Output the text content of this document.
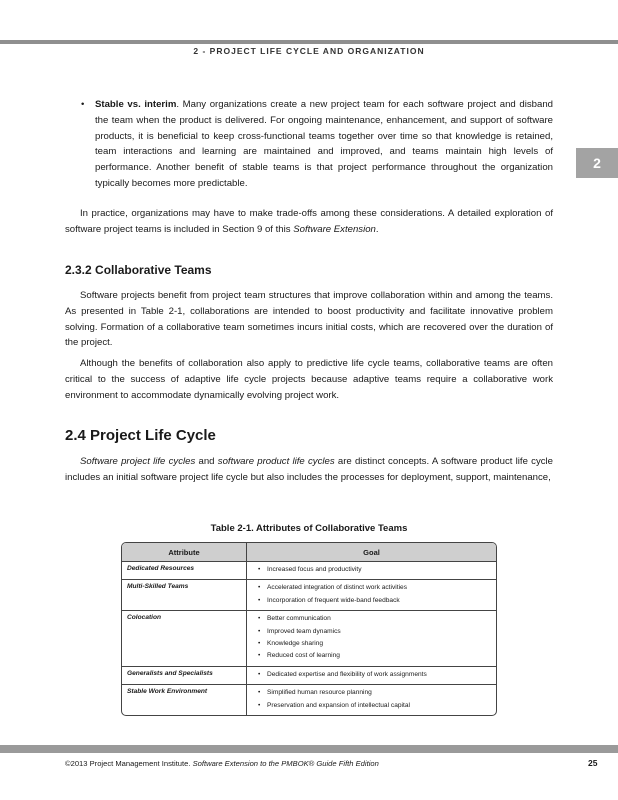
2 - PROJECT LIFE CYCLE AND ORGANIZATION
2
• Stable vs. interim. Many organizations create a new project team for each software project and disband the team when the product is delivered. For ongoing maintenance, enhancement, and support of software products, it is beneficial to keep cross-functional teams together over time so that knowledge is retained, team interactions and learning are maintained and improved, and teams maintain high levels of performance. Another benefit of stable teams is that project performance throughout the organization typically becomes more predictable.

In practice, organizations may have to make trade-offs among these considerations. A detailed exploration of software project teams is included in Section 9 of this Software Extension.

2.3.2 Collaborative Teams

Software projects benefit from project team structures that improve collaboration within and among the teams. As presented in Table 2-1, collaborations are intended to boost productivity and facilitate innovative problem solving. Formation of a collaborative team sometimes incurs initial costs, which are recovered over the duration of the project.

Although the benefits of collaboration also apply to predictive life cycle teams, collaborative teams are often critical to the success of adaptive life cycle projects because adaptive teams require a collaborative work environment to accommodate dynamically evolving project work.

2.4 Project Life Cycle

Software project life cycles and software product life cycles are distinct concepts. A software product life cycle includes an initial software project life cycle but also includes the processes for deployment, support, maintenance,

Table 2-1. Attributes of Collaborative Teams
Attribute	Goal
Dedicated Resources	• Increased focus and productivity
Multi-Skilled Teams	• Accelerated integration of distinct work activities
• Incorporation of frequent wide-band feedback
Colocation	• Better communication
• Improved team dynamics
• Knowledge sharing
• Reduced cost of learning
Generalists and Specialists	• Dedicated expertise and flexibility of work assignments
Stable Work Environment	• Simplified human resource planning
• Preservation and expansion of intellectual capital
©2013 Project Management Institute. Software Extension to the PMBOK® Guide Fifth Edition	25
